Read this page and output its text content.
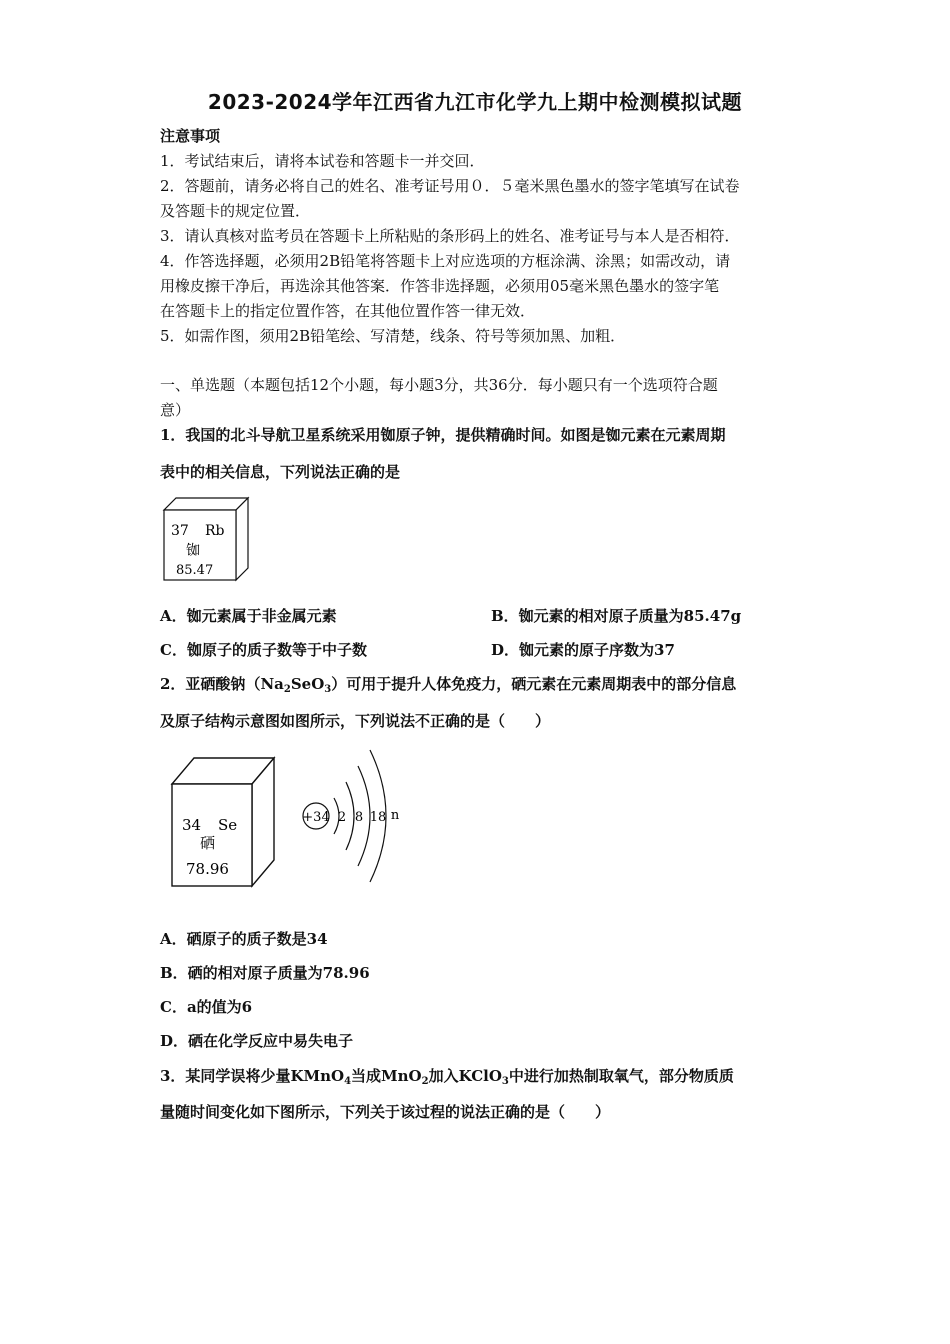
2023-2024学年江西省九江市化学九上期中检测模拟试题
注意事项
1．考试结束后，请将本试卷和答题卡一并交回．
2．答题前，请务必将自己的姓名、准考证号用０．５毫米黑色墨水的签字笔填写在试卷
及答题卡的规定位置．
3．请认真核对监考员在答题卡上所粘贴的条形码上的姓名、准考证号与本人是否相符．
4．作答选择题，必须用2B铅笔将答题卡上对应选项的方框涂满、涂黑；如需改动，请
用橡皮擦干净后，再选涂其他答案．作答非选择题，必须用05毫米黑色墨水的签字笔
在答题卡上的指定位置作答，在其他位置作答一律无效．
5．如需作图，须用2B铅笔绘、写清楚，线条、符号等须加黑、加粗．
一、单选题（本题包括12个小题，每小题3分，共36分．每小题只有一个选项符合题
意）
1．我国的北斗导航卫星系统采用铷原子钟，提供精确时间。如图是铷元素在元素周期
表中的相关信息，下列说法正确的是
37 Rb
铷
85.47
A．铷元素属于非金属元素	B．铷元素的相对原子质量为85.47g
C．铷原子的质子数等于中子数	D．铷元素的原子序数为37
2．亚硒酸钠$(Na_2SeO_3)$可用于提升人体免疫力，硒元素在元素周期表中的部分信息
及原子结构示意图如图所示，下列说法不正确的是（　　）
34 Se
硒
78.96
+34 2 8 18 n
A．硒原子的质子数是34
B．硒的相对原子质量为78.96
C．a的值为6
D．硒在化学反应中易失电子
3．某同学误将少量KMnO$_4$当成MnO$_2$加入KClO$_3$中进行加热制取氧气，部分物质质
量随时间变化如下图所示，下列关于该过程的说法正确的是（　　）
